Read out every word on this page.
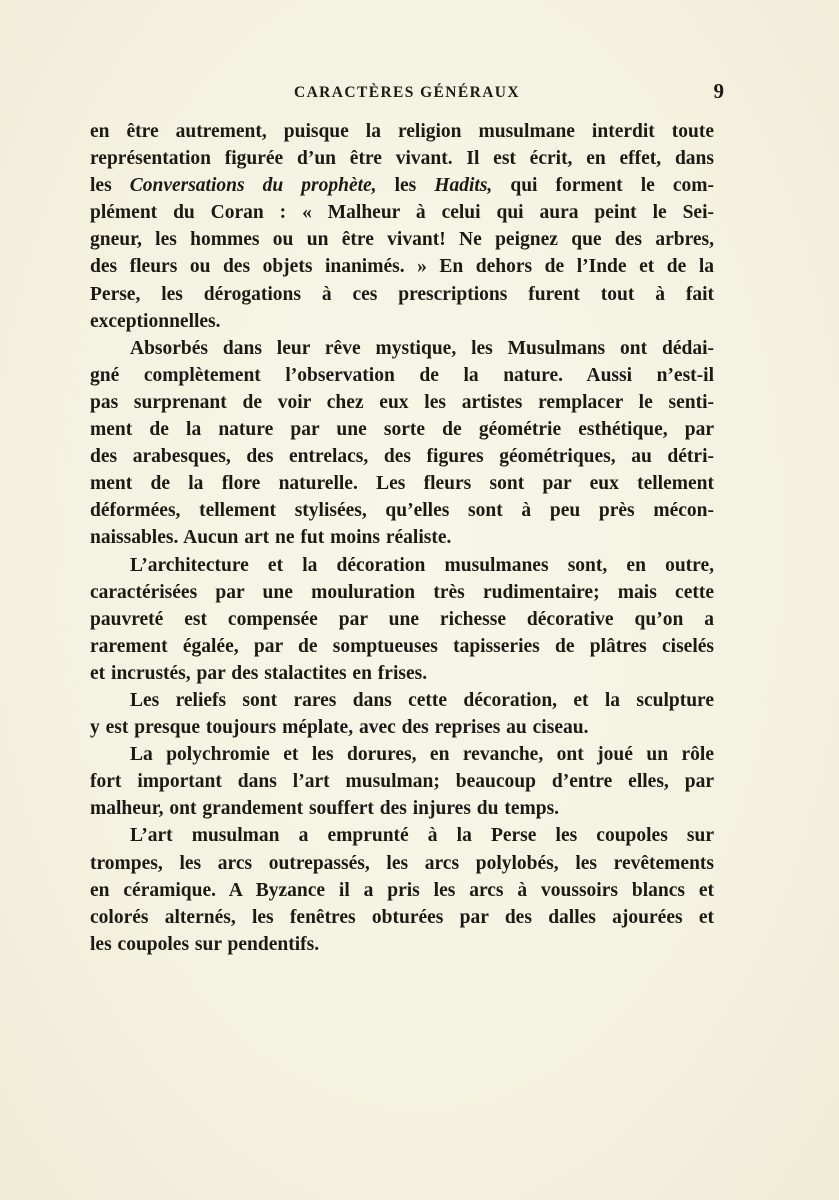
CARACTÈRES GÉNÉRAUX	9

en être autrement, puisque la religion musulmane interdit toute
représentation figurée d’un être vivant. Il est écrit, en effet, dans
les Conversations du prophète, les Hadits, qui forment le com-
plément du Coran : « Malheur à celui qui aura peint le Sei-
gneur, les hommes ou un être vivant! Ne peignez que des arbres,
des fleurs ou des objets inanimés. » En dehors de l’Inde et de la
Perse, les dérogations à ces prescriptions furent tout à fait
exceptionnelles.

Absorbés dans leur rêve mystique, les Musulmans ont dédai-
gné complètement l’observation de la nature. Aussi n’est-il
pas surprenant de voir chez eux les artistes remplacer le senti-
ment de la nature par une sorte de géométrie esthétique, par
des arabesques, des entrelacs, des figures géométriques, au détri-
ment de la flore naturelle. Les fleurs sont par eux tellement
déformées, tellement stylisées, qu’elles sont à peu près mécon-
naissables. Aucun art ne fut moins réaliste.

L’architecture et la décoration musulmanes sont, en outre,
caractérisées par une mouluration très rudimentaire; mais cette
pauvreté est compensée par une richesse décorative qu’on a
rarement égalée, par de somptueuses tapisseries de plâtres ciselés
et incrustés, par des stalactites en frises.

Les reliefs sont rares dans cette décoration, et la sculpture
y est presque toujours méplate, avec des reprises au ciseau.

La polychromie et les dorures, en revanche, ont joué un rôle
fort important dans l’art musulman; beaucoup d’entre elles, par
malheur, ont grandement souffert des injures du temps.

L’art musulman a emprunté à la Perse les coupoles sur
trompes, les arcs outrepassés, les arcs polylobés, les revêtements
en céramique. A Byzance il a pris les arcs à voussoirs blancs et
colorés alternés, les fenêtres obturées par des dalles ajourées et
les coupoles sur pendentifs.
